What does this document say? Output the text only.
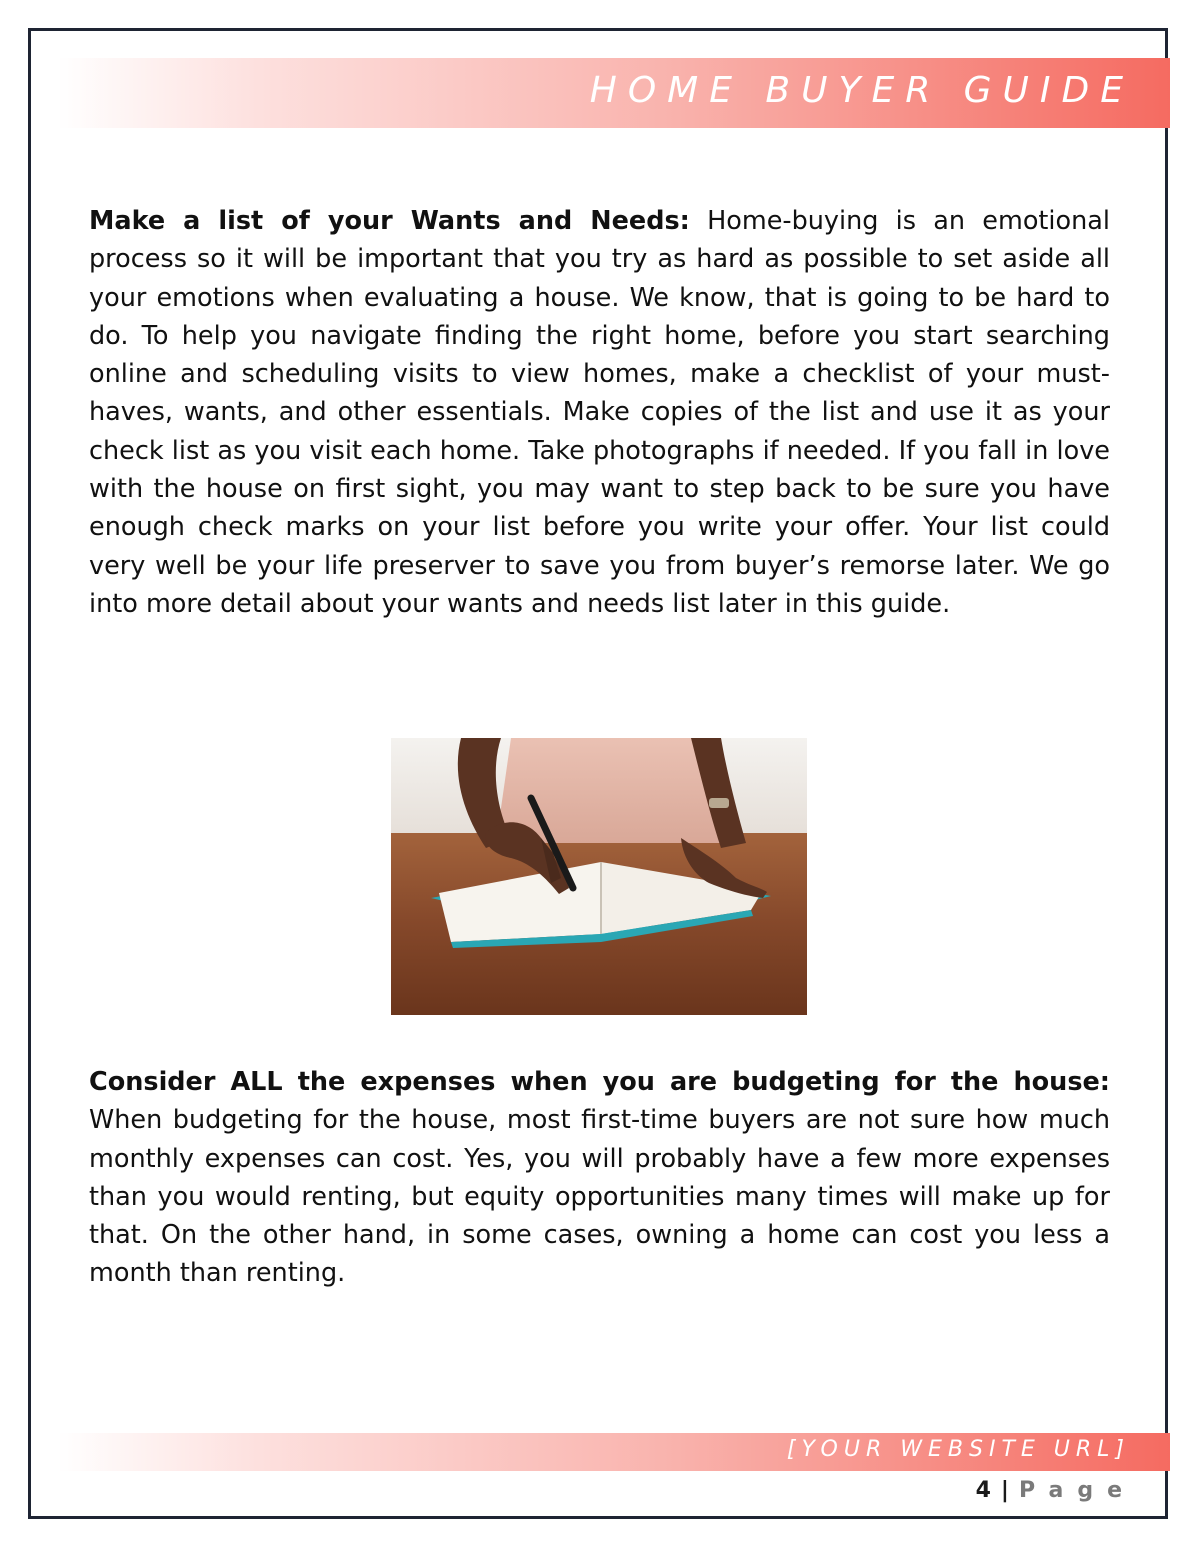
HOME BUYER GUIDE

Make a list of your Wants and Needs: Home-buying is an emotional process so it will be important that you try as hard as possible to set aside all your emotions when evaluating a house. We know, that is going to be hard to do. To help you navigate finding the right home, before you start searching online and scheduling visits to view homes, make a checklist of your must-haves, wants, and other essentials. Make copies of the list and use it as your check list as you visit each home. Take photographs if needed. If you fall in love with the house on first sight, you may want to step back to be sure you have enough check marks on your list before you write your offer. Your list could very well be your life preserver to save you from buyer’s remorse later. We go into more detail about your wants and needs list later in this guide.

Consider ALL the expenses when you are budgeting for the house: When budgeting for the house, most first-time buyers are not sure how much monthly expenses can cost. Yes, you will probably have a few more expenses than you would renting, but equity opportunities many times will make up for that. On the other hand, in some cases, owning a home can cost you less a month than renting.

[YOUR WEBSITE URL]
4 | Page
